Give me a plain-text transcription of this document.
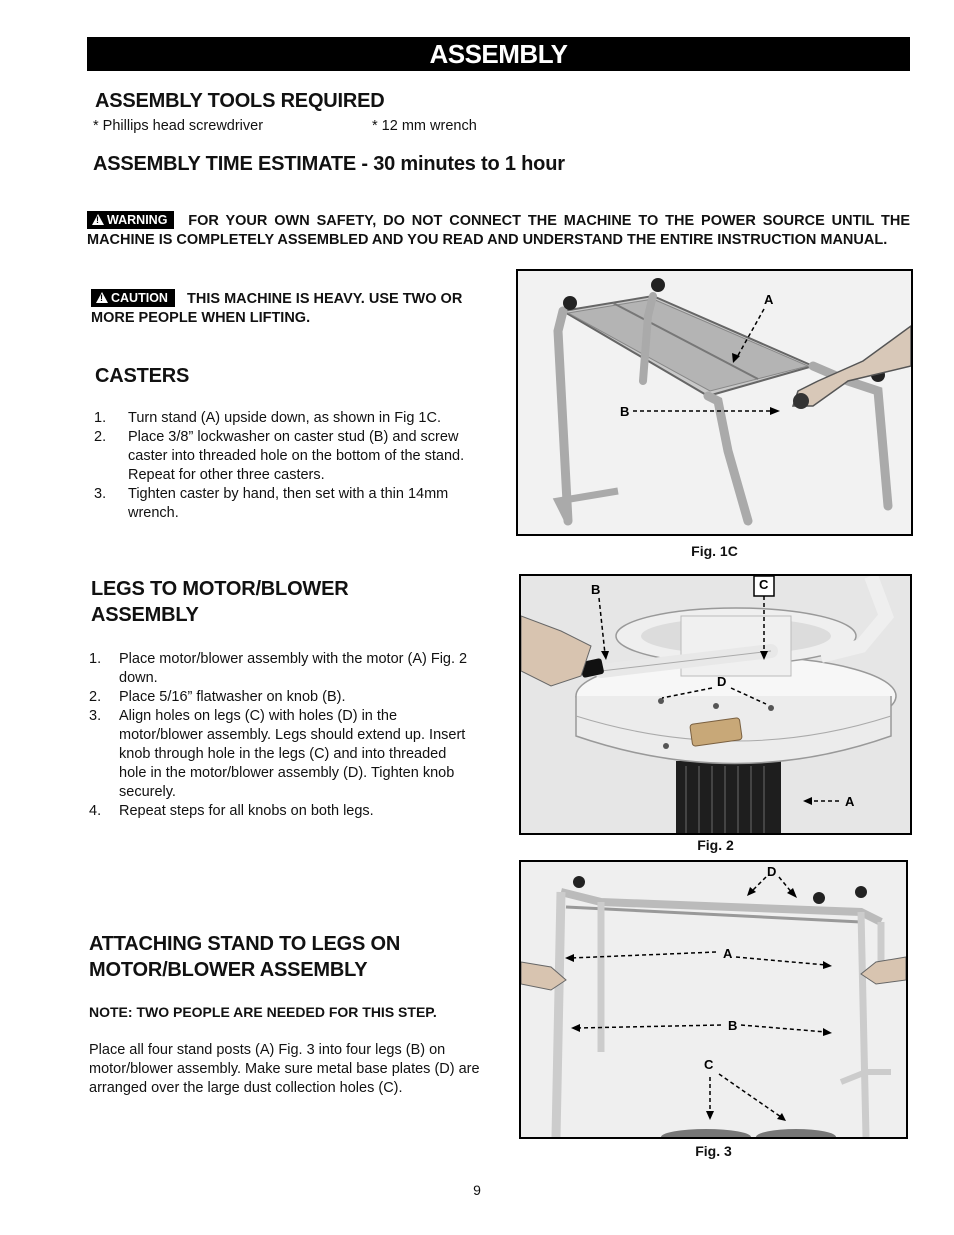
ASSEMBLY
ASSEMBLY TOOLS REQUIRED
* Phillips head screwdriver	* 12 mm wrench
ASSEMBLY TIME ESTIMATE - 30 minutes to 1 hour
!WARNING FOR YOUR OWN SAFETY, DO NOT CONNECT THE MACHINE TO THE POWER SOURCE UNTIL THE MACHINE IS COMPLETELY ASSEMBLED AND YOU READ AND UNDERSTAND THE ENTIRE INSTRUCTION MANUAL.
!CAUTION THIS MACHINE IS HEAVY. USE TWO OR MORE PEOPLE WHEN LIFTING.
CASTERS
1. Turn stand (A) upside down, as shown in Fig 1C.
2. Place 3/8” lockwasher on caster stud (B) and screw caster into threaded hole on the bottom of the stand. Repeat for other three casters.
3. Tighten caster by hand, then set with a thin 14mm wrench.
LEGS TO MOTOR/BLOWER ASSEMBLY
1. Place motor/blower assembly with the motor (A) Fig. 2 down.
2. Place 5/16” flatwasher on knob (B).
3. Align holes on legs (C) with holes (D) in the motor/blower assembly. Legs should extend up. Insert knob through hole in the legs (C) and into threaded hole in the motor/blower assembly (D). Tighten knob securely.
4. Repeat steps for all knobs on both legs.
ATTACHING STAND TO LEGS ON MOTOR/BLOWER ASSEMBLY
NOTE: TWO PEOPLE ARE NEEDED FOR THIS STEP.
Place all four stand posts (A) Fig. 3 into four legs (B) on motor/blower assembly. Make sure metal base plates (D) are arranged over the large dust collection holes (C).
A
B
Fig. 1C
B	C
D
A
Fig. 2
D
A
B
C
Fig. 3
9
